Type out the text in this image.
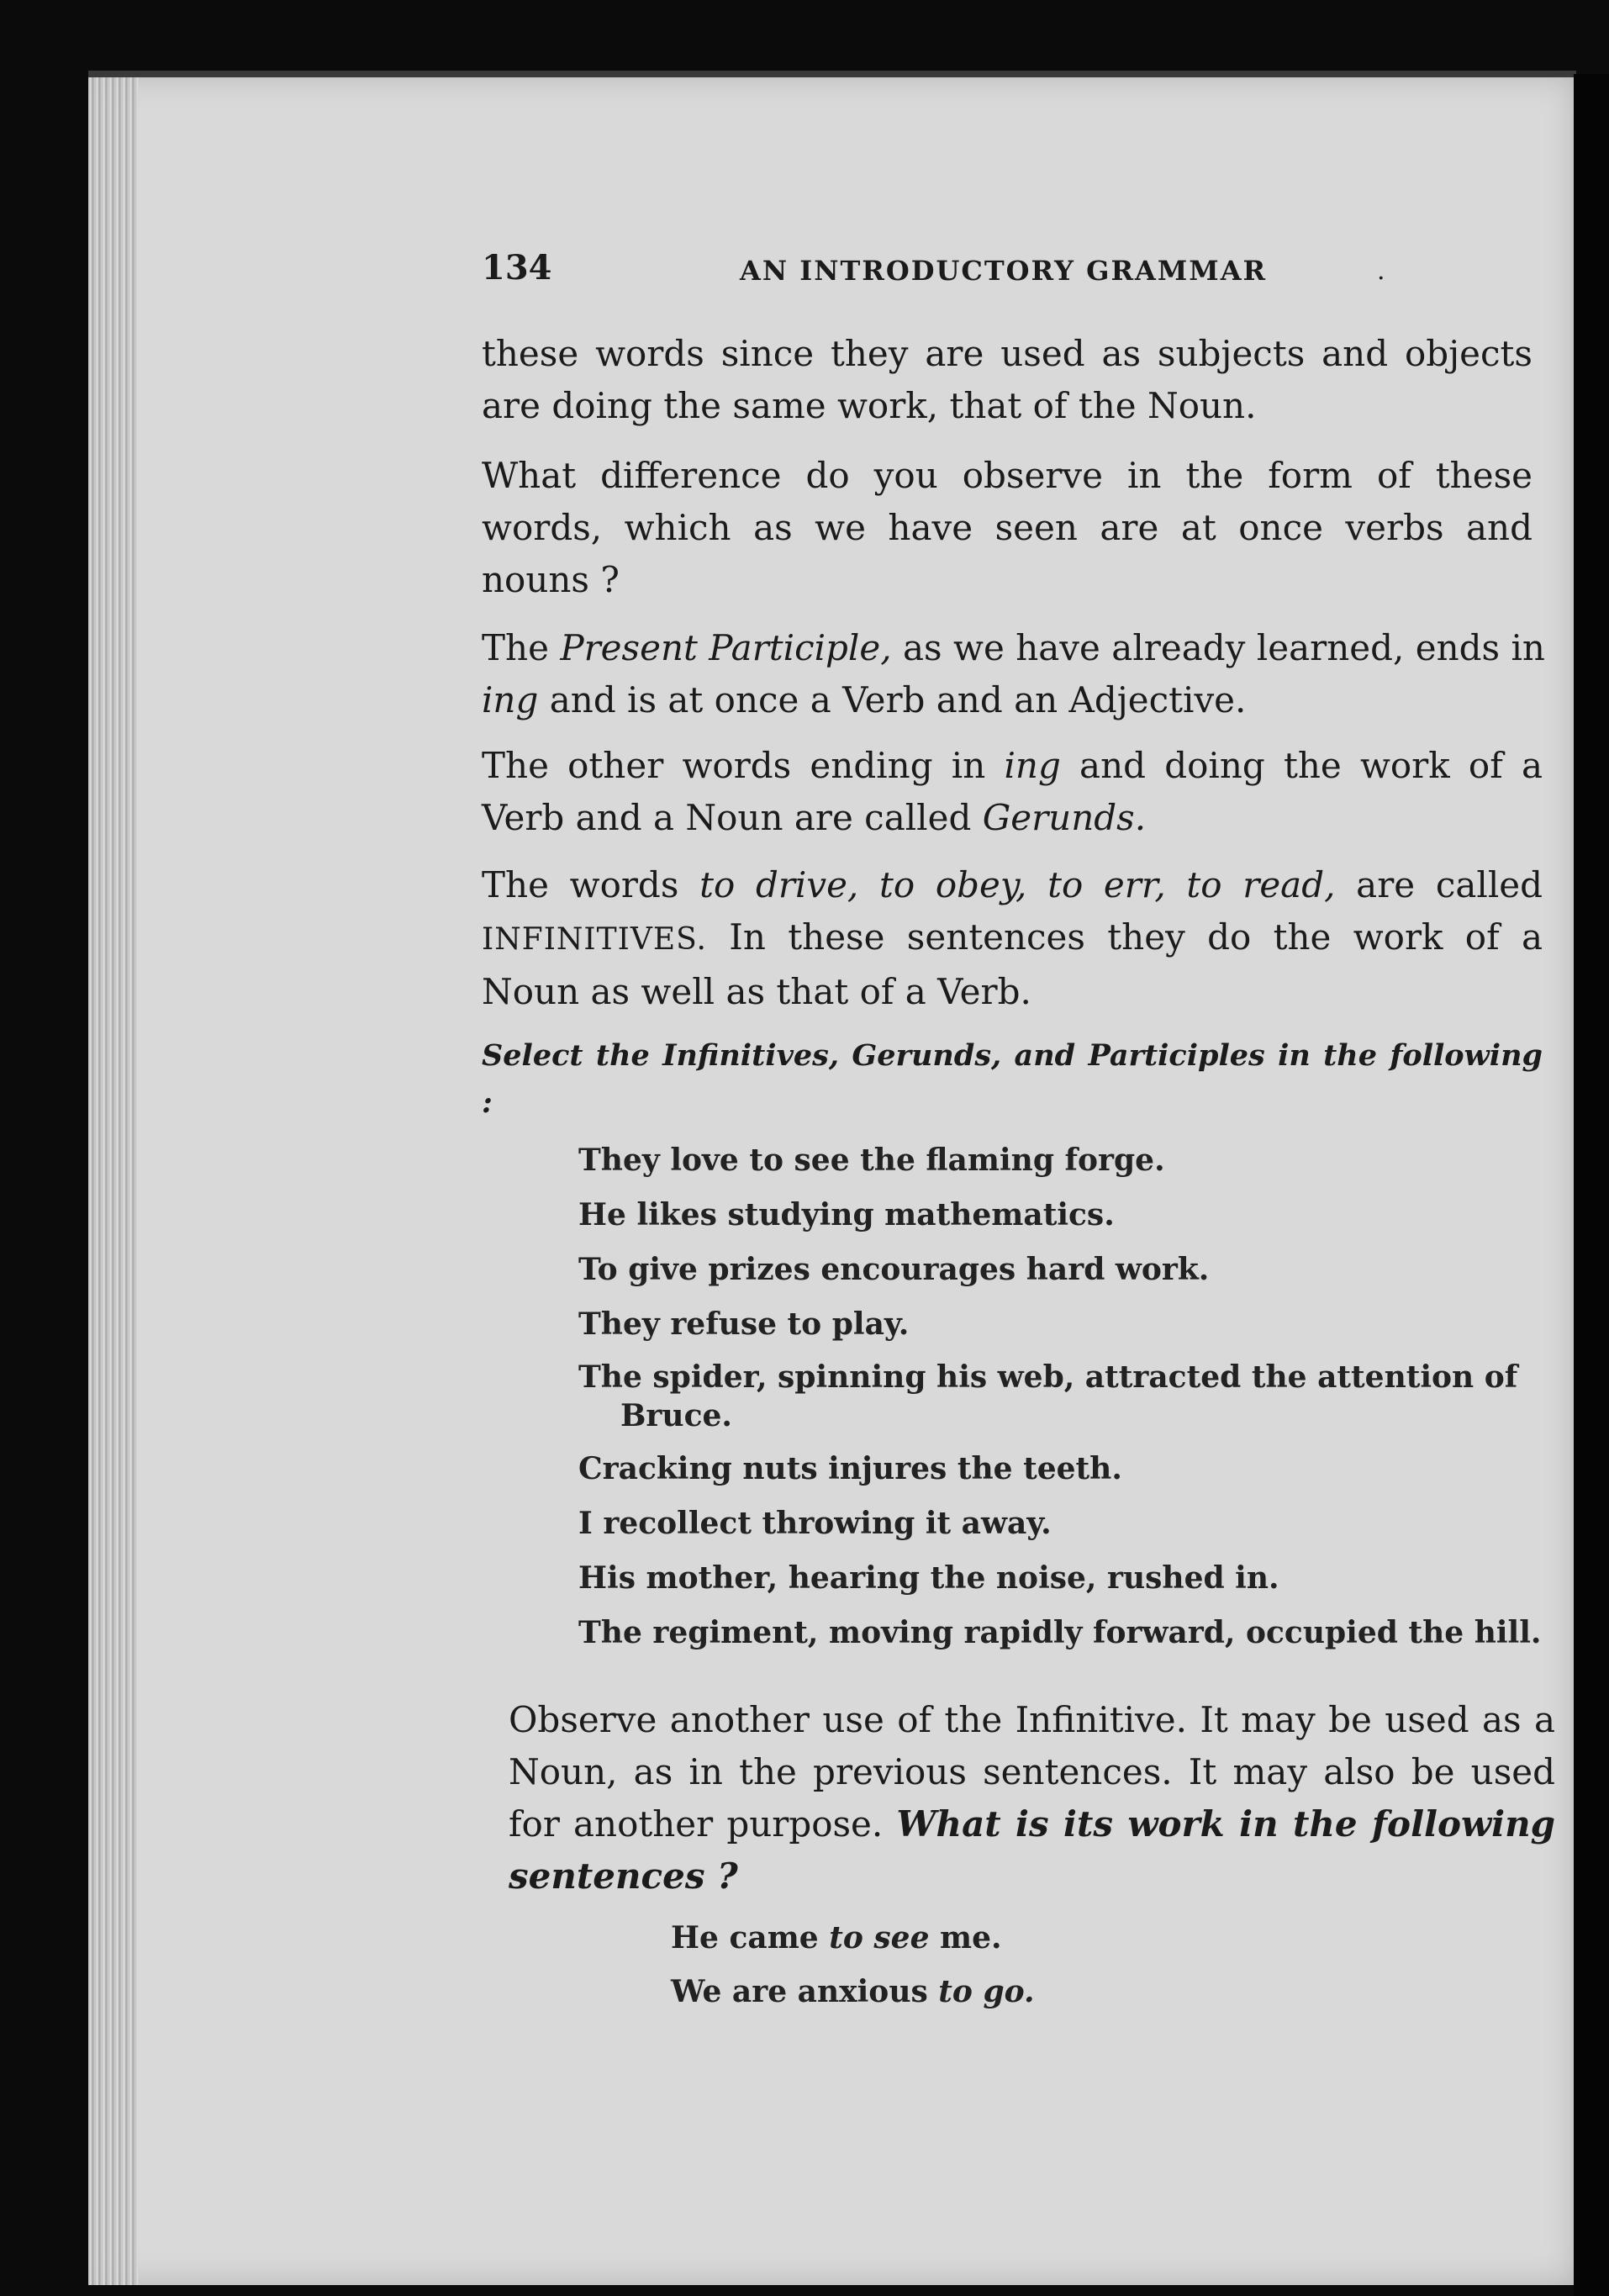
134	AN INTRODUCTORY GRAMMAR	.

these words since they are used as subjects and objects are doing the same work, that of the Noun.

What difference do you observe in the form of these words, which as we have seen are at once verbs and nouns ?

The Present Participle, as we have already learned, ends in ing and is at once a Verb and an Adjective.

The other words ending in ing and doing the work of a Verb and a Noun are called Gerunds.

The words to drive, to obey, to err, to read, are called INFINITIVES. In these sentences they do the work of a Noun as well as that of a Verb.

Select the Infinitives, Gerunds, and Participles in the following :

They love to see the flaming forge.
He likes studying mathematics.
To give prizes encourages hard work.
They refuse to play.
The spider, spinning his web, attracted the attention of
Bruce.
Cracking nuts injures the teeth.
I recollect throwing it away.
His mother, hearing the noise, rushed in.
The regiment, moving rapidly forward, occupied the hill.

Observe another use of the Infinitive. It may be used as a Noun, as in the previous sentences. It may also be used for another purpose. What is its work in the following sentences ?

He came to see me.
We are anxious to go.
